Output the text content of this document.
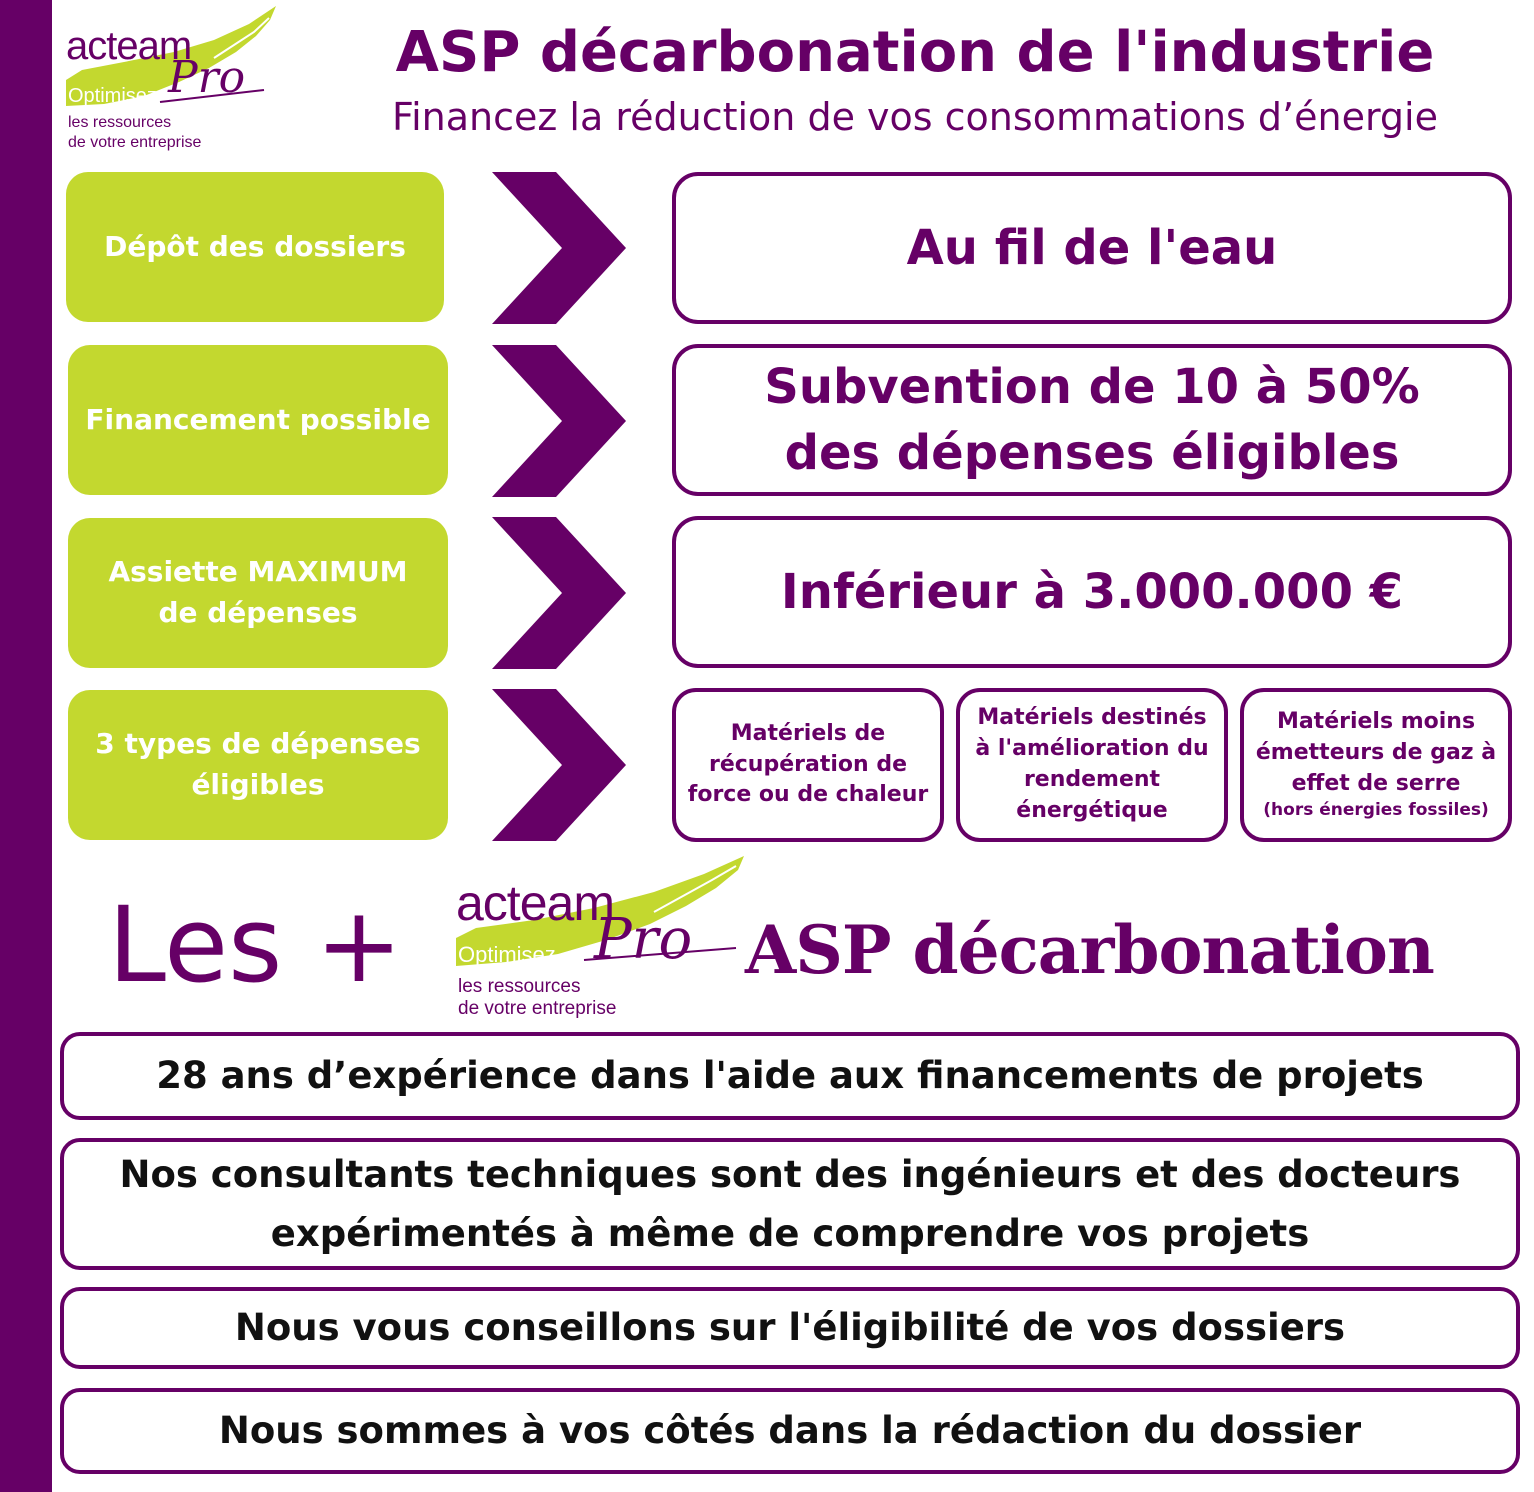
acteam
Optimisez Pro
les ressources
de votre entreprise
ASP décarbonation de l'industrie
Financez la réduction de vos consommations d’énergie
Dépôt des dossiers	Au fil de l'eau
Financement possible
Subvention de 10 à 50%
des dépenses éligibles
Assiette MAXIMUM
de dépenses	Inférieur à 3.000.000 €
3 types de dépenses
éligibles
Matériels de
récupération de
force ou de chaleur
Matériels destinés
à l'amélioration du
rendement
énergétique
Matériels moins
émetteurs de gaz à
effet de serre
(hors énergies fossiles)
Les + acteam
Optimisez Pro
les ressources
de votre entreprise
ASP décarbonation
28 ans d’expérience dans l'aide aux financements de projets
Nos consultants techniques sont des ingénieurs et des docteurs
expérimentés à même de comprendre vos projets
Nous vous conseillons sur l'éligibilité de vos dossiers
Nous sommes à vos côtés dans la rédaction du dossier
